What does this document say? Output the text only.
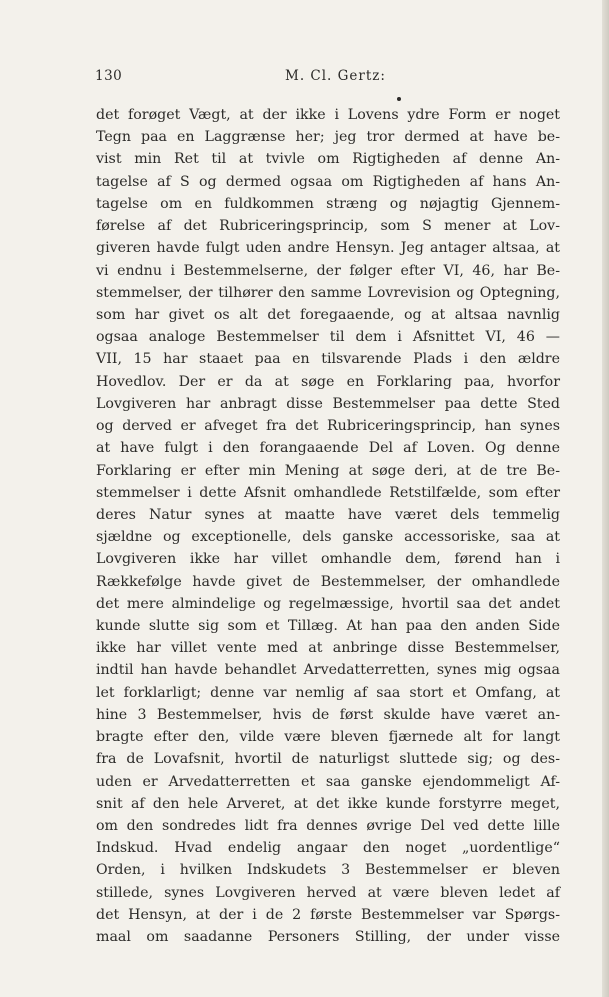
130	M. Cl. Gertz:
det forøget Vægt, at der ikke i Lovens ydre Form er noget
Tegn paa en Laggrænse her; jeg tror dermed at have be-
vist min Ret til at tvivle om Rigtigheden af denne An-
tagelse af S og dermed ogsaa om Rigtigheden af hans An-
tagelse om en fuldkommen stræng og nøjagtig Gjennem-
førelse af det Rubriceringsprincip, som S mener at Lov-
giveren havde fulgt uden andre Hensyn. Jeg antager altsaa, at
vi endnu i Bestemmelserne, der følger efter VI, 46, har Be-
stemmelser, der tilhører den samme Lovrevision og Optegning,
som har givet os alt det foregaaende, og at altsaa navnlig
ogsaa analoge Bestemmelser til dem i Afsnittet VI, 46 —
VII, 15 har staaet paa en tilsvarende Plads i den ældre
Hovedlov. Der er da at søge en Forklaring paa, hvorfor
Lovgiveren har anbragt disse Bestemmelser paa dette Sted
og derved er afveget fra det Rubriceringsprincip, han synes
at have fulgt i den forangaaende Del af Loven. Og denne
Forklaring er efter min Mening at søge deri, at de tre Be-
stemmelser i dette Afsnit omhandlede Retstilfælde, som efter
deres Natur synes at maatte have været dels temmelig
sjældne og exceptionelle, dels ganske accessoriske, saa at
Lovgiveren ikke har villet omhandle dem, førend han i
Rækkefølge havde givet de Bestemmelser, der omhandlede
det mere almindelige og regelmæssige, hvortil saa det andet
kunde slutte sig som et Tillæg. At han paa den anden Side
ikke har villet vente med at anbringe disse Bestemmelser,
indtil han havde behandlet Arvedatterretten, synes mig ogsaa
let forklarligt; denne var nemlig af saa stort et Omfang, at
hine 3 Bestemmelser, hvis de først skulde have været an-
bragte efter den, vilde være bleven fjærnede alt for langt
fra de Lovafsnit, hvortil de naturligst sluttede sig; og des-
uden er Arvedatterretten et saa ganske ejendommeligt Af-
snit af den hele Arveret, at det ikke kunde forstyrre meget,
om den sondredes lidt fra dennes øvrige Del ved dette lille
Indskud. Hvad endelig angaar den noget „uordentlige“
Orden, i hvilken Indskudets 3 Bestemmelser er bleven
stillede, synes Lovgiveren herved at være bleven ledet af
det Hensyn, at der i de 2 første Bestemmelser var Spørgs-
maal om saadanne Personers Stilling, der under visse
